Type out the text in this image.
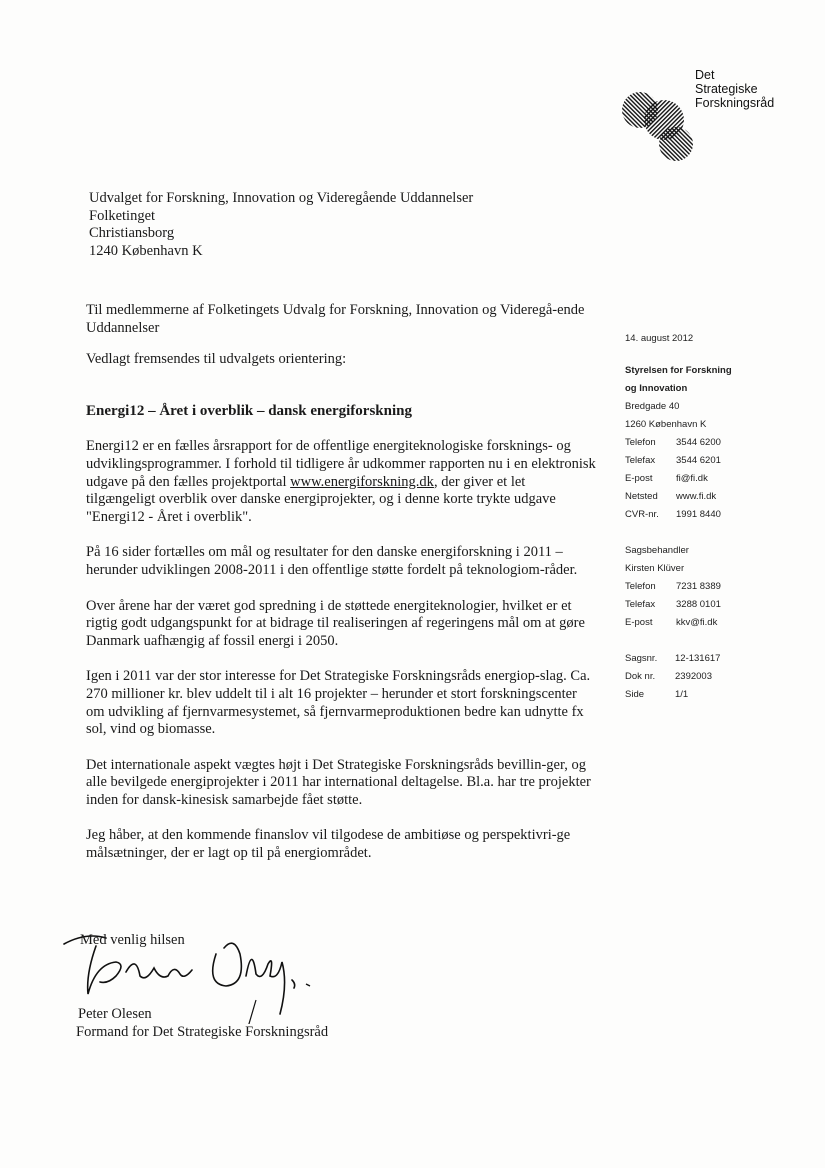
Det
Strategiske
Forskningsråd
Udvalget for Forskning, Innovation og Videregående Uddannelser
Folketinget
Christiansborg
1240 København K

Til medlemmerne af Folketingets Udvalg for Forskning, Innovation og Videregå-ende Uddannelser

Vedlagt fremsendes til udvalgets orientering:

Energi12 – Året i overblik – dansk energiforskning

Energi12 er en fælles årsrapport for de offentlige energiteknologiske forsknings- og udviklingsprogrammer. I forhold til tidligere år udkommer rapporten nu i en elektronisk udgave på den fælles projektportal www.energiforskning.dk, der giver et let tilgængeligt overblik over danske energiprojekter, og i denne korte trykte udgave "Energi12 - Året i overblik".

På 16 sider fortælles om mål og resultater for den danske energiforskning i 2011 – herunder udviklingen 2008-2011 i den offentlige støtte fordelt på teknologiom-råder.

Over årene har der været god spredning i de støttede energiteknologier, hvilket er et rigtig godt udgangspunkt for at bidrage til realiseringen af regeringens mål om at gøre Danmark uafhængig af fossil energi i 2050.

Igen i 2011 var der stor interesse for Det Strategiske Forskningsråds energiop-slag. Ca. 270 millioner kr. blev uddelt til i alt 16 projekter – herunder et stort forskningscenter om udvikling af fjernvarmesystemet, så fjernvarmeproduktionen bedre kan udnytte fx sol, vind og biomasse.

Det internationale aspekt vægtes højt i Det Strategiske Forskningsråds bevillin-ger, og alle bevilgede energiprojekter i 2011 har international deltagelse. Bl.a. har tre projekter inden for dansk-kinesisk samarbejde fået støtte.

Jeg håber, at den kommende finanslov vil tilgodese de ambitiøse og perspektivri-ge målsætninger, der er lagt op til på energiområdet.

Med venlig hilsen
Peter Olesen
Formand for Det Strategiske Forskningsråd
14. august 2012
Styrelsen for Forskning
og Innovation
Bredgade 40
1260 København K
Telefon	3544 6200
Telefax	3544 6201
E-post	fi@fi.dk
Netsted	www.fi.dk
CVR-nr.	1991 8440
Sagsbehandler
Kirsten Klüver
Telefon	7231 8389
Telefax	3288 0101
E-post	kkv@fi.dk
Sagsnr.	12-131617
Dok nr.	2392003
Side	1/1
